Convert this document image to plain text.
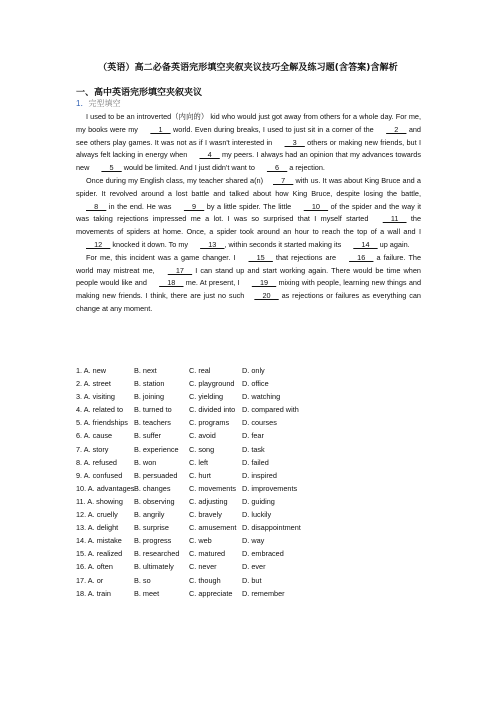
（英语）高二必备英语完形填空夹叙夹议技巧全解及练习题(含答案)含解析
一、高中英语完形填空夹叙夹议
1．完型填空

I used to be an introverted（内向的） kid who would just got away from others for a whole day. For me, my books were my     1     world. Even during breaks, I used to just sit in a corner of the     2     and see others play games. It was not as if I wasn't interested in     3     others or making new friends, but I always felt lacking in energy when     4     my peers. I always had an opinion that my advances towards new     5     would be limited. And I just didn't want to     6     a rejection.

Once during my English class, my teacher shared a(n)    7     with us. It was about King Bruce and a spider. It revolved around a lost battle and talked about how King Bruce, despite losing the battle,     8     in the end. He was     9     by a little spider. The little     10     of the spider and the way it was taking rejections impressed me a lot. I was so surprised that I myself started     11     the movements of spiders at home. Once, a spider took around an hour to reach the top of a wall and I     12     knocked it down. To my     13    , within seconds it started making its     14     up again.

For me, this incident was a game changer. I     15     that rejections are     16     a failure. The world may mistreat me,     17     I can stand up and start working again. There would be time when people would like and     18     me. At present, I     19     mixing with people, learning new things and making new friends. I think, there are just no such    20     as rejections or failures as everything can change at any moment.

1. A. new	B. next	C. real	D. only
2. A. street	B. station	C. playground D. office
3. A. visiting	B. joining	C. yielding	D. watching
4. A. related to B. turned to C. divided into D. compared with
5. A. friendships B. teachers C. programs D. courses
6. A. cause	B. suffer	C. avoid	D. fear
7. A. story	B. experience C. song	D. task
8. A. refused B. won	C. left	D. failed
9. A. confused B. persuaded C. hurt	D. inspired
10. A. advantages B. changes	C. movements D. improvements
11. A. showing B. observing C. adjusting D. guiding
12. A. cruelly B. angrily	C. bravely	D. luckily
13. A. delight B. surprise	C. amusement D. disappointment
14. A. mistake B. progress C. web	D. way
15. A. realized B. researched C. matured D. embraced
16. A. often	B. ultimately C. never	D. ever
17. A. or	B. so	C. though	D. but
18. A. train	B. meet	C. appreciate D. remember
